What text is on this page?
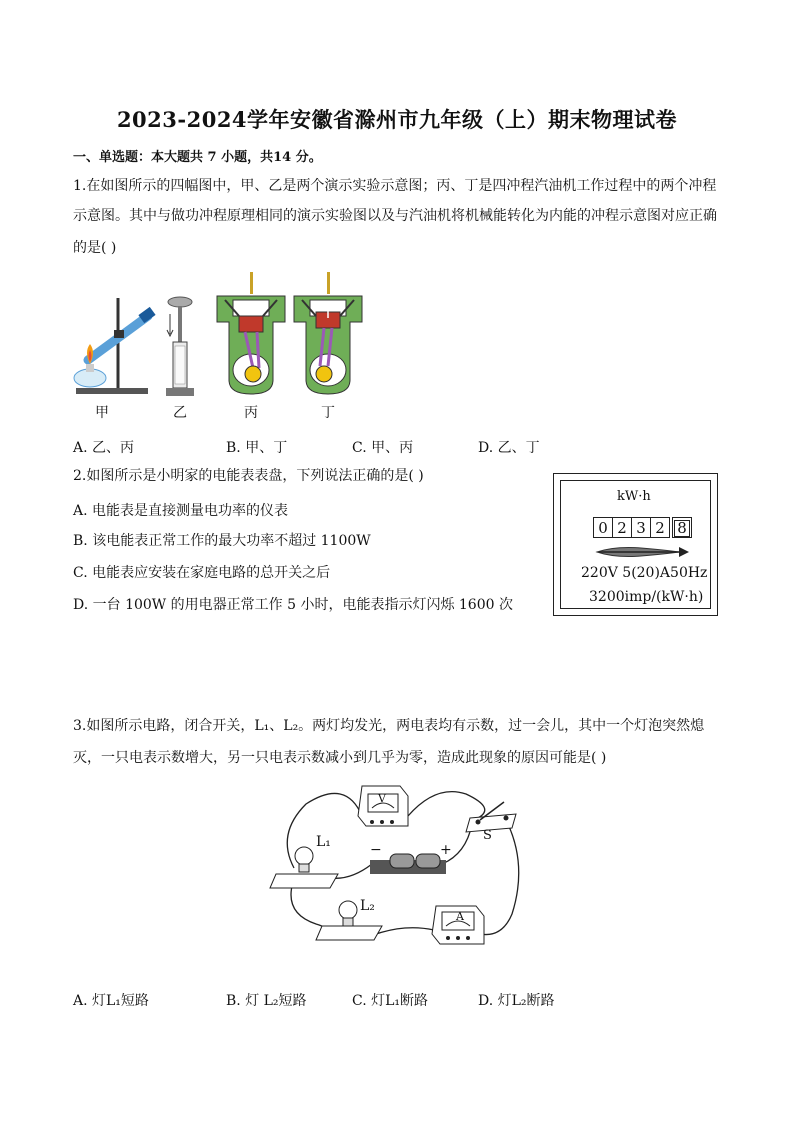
2023-2024学年安徽省滁州市九年级（上）期末物理试卷
一、单选题：本大题共 7 小题，共14 分。
1.在如图所示的四幅图中，甲、乙是两个演示实验示意图；丙、丁是四冲程汽油机工作过程中的两个冲程
示意图。其中与做功冲程原理相同的演示实验图以及与汽油机将机械能转化为内能的冲程示意图对应正确
的是( )
甲	乙	丙	丁
A. 乙、丙	B. 甲、丁	C. 甲、丙	D. 乙、丁
2.如图所示是小明家的电能表表盘，下列说法正确的是( )
A. 电能表是直接测量电功率的仪表
B. 该电能表正常工作的最大功率不超过 1100W
C. 电能表应安装在家庭电路的总开关之后
D. 一台 100W 的用电器正常工作 5 小时，电能表指示灯闪烁 1600 次
kW·h
0 2 3 2 8
220V 5(20)A50Hz
3200imp/(kW·h)
3.如图所示电路，闭合开关，L₁、L₂。两灯均发光，两电表均有示数，过一会儿，其中一个灯泡突然熄
灭，一只电表示数增大，另一只电表示数减小到几乎为零，造成此现象的原因可能是( )
V
A
L₁
L₂
S
−	+
A. 灯L₁短路	B. 灯 L₂短路	C. 灯L₁断路	D. 灯L₂断路
